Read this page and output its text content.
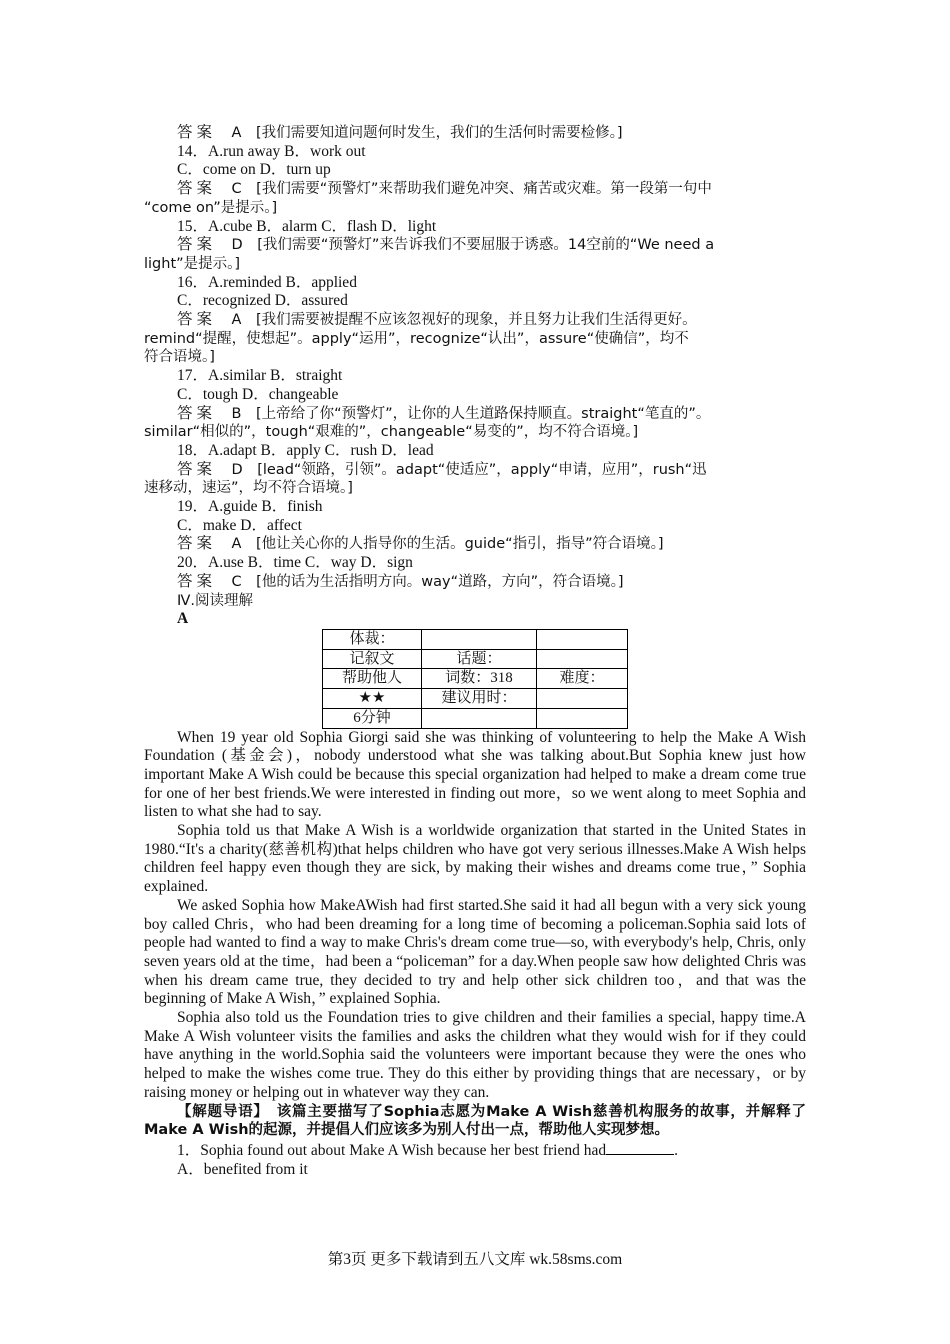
答案　 A　[我们需要知道问题何时发生，我们的生活何时需要检修。]
14．A.run away B．work out
C．come on D．turn up
答案　 C　[我们需要“预警灯”来帮助我们避免冲突、痛苦或灾难。第一段第一句中
“come on”是提示。]
15．A.cube B．alarm C．flash D．light
答案　 D　[我们需要“预警灯”来告诉我们不要屈服于诱惑。14空前的“We need a
light”是提示。]
16．A.reminded B．applied
C．recognized D．assured
答案　 A　[我们需要被提醒不应该忽视好的现象，并且努力让我们生活得更好。
remind“提醒，使想起”。apply“运用”，recognize“认出”，assure“使确信”，均不
符合语境。]
17．A.similar B．straight
C．tough D．changeable
答案　 B　[上帝给了你“预警灯”，让你的人生道路保持顺直。straight“笔直的”。
similar“相似的”，tough“艰难的”，changeable“易变的”，均不符合语境。]
18．A.adapt B．apply C．rush D．lead
答案　 D　[lead“领路，引领”。adapt“使适应”，apply“申请，应用”，rush“迅
速移动，速运”，均不符合语境。]
19．A.guide B．finish
C．make D．affect
答案　 A　[他让关心你的人指导你的生活。guide“指引，指导”符合语境。]
20．A.use B．time C．way D．sign
答案　 C　[他的话为生活指明方向。way“道路，方向”，符合语境。]
Ⅳ.阅读理解
A
体裁：		
记叙文	话题：	
帮助他人	词数：318	难度：
★★	建议用时：	
6分钟		
When 19 year old Sophia Giorgi said she was thinking of volunteering to help the Make A Wish Foundation (基金会)，nobody understood what she was talking about.But Sophia knew just how important Make A Wish could be because this special organization had helped to make a dream come true for one of her best friends.We were interested in finding out more，so we went along to meet Sophia and listen to what she had to say.
Sophia told us that Make A Wish is a worldwide organization that started in the United States in 1980.“It's a charity(慈善机构)that helps children who have got very serious illnesses.Make A Wish helps children feel happy even though they are sick, by making their wishes and dreams come true，” Sophia explained.
We asked Sophia how MakeAWish had first started.She said it had all begun with a very sick young boy called Chris，who had been dreaming for a long time of becoming a policeman.Sophia said lots of people had wanted to find a way to make Chris's dream come true—so, with everybody's help, Chris, only seven years old at the time，had been a “policeman” for a day.When people saw how delighted Chris was when his dream came true, they decided to try and help other sick children too，and that was the beginning of Make A Wish，” explained Sophia.
Sophia also told us the Foundation tries to give children and their families a special, happy time.A Make A Wish volunteer visits the families and asks the children what they would wish for if they could have anything in the world.Sophia said the volunteers were important because they were the ones who helped to make the wishes come true. They do this either by providing things that are necessary，or by raising money or helping out in whatever way they can.
【解题导语】　 该篇主要描写了Sophia志愿为Make A Wish慈善机构服务的故事，并解释了Make A Wish的起源，并提倡人们应该多为别人付出一点，帮助他人实现梦想。
1．Sophia found out about Make A Wish because her best friend had	.
A．benefited from it
第3页 更多下载请到五八文库 wk.58sms.com
